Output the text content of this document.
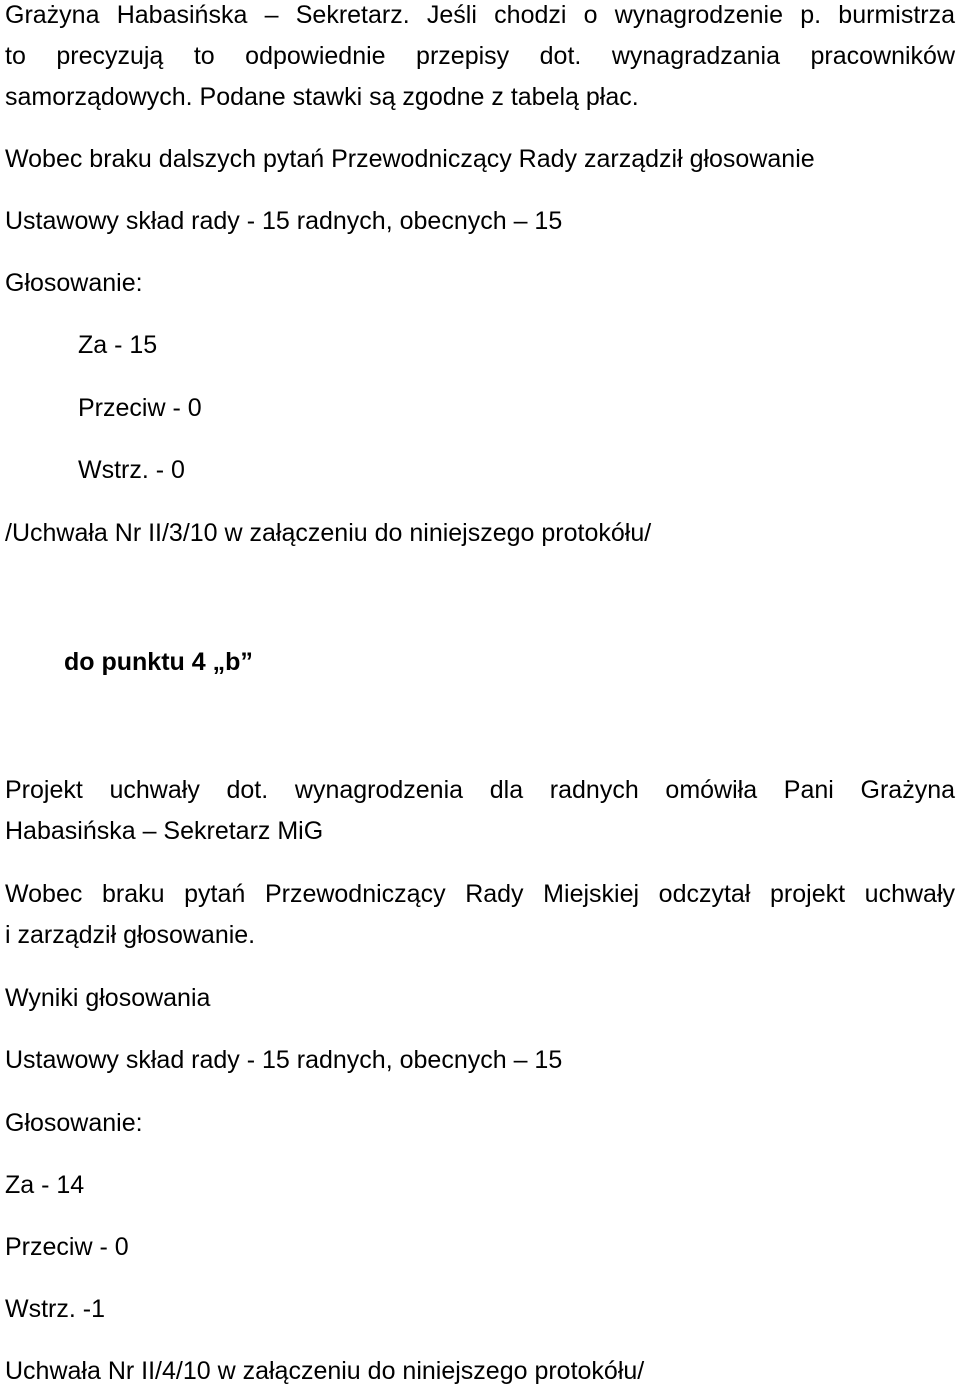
Grażyna Habasińska – Sekretarz. Jeśli chodzi o wynagrodzenie p. burmistrza

to precyzują to odpowiednie przepisy dot. wynagradzania pracowników

samorządowych. Podane stawki są zgodne z tabelą płac.

Wobec braku dalszych pytań Przewodniczący Rady zarządził głosowanie

Ustawowy skład rady - 15 radnych, obecnych – 15

Głosowanie:

Za - 15

Przeciw - 0

Wstrz. - 0

/Uchwała Nr II/3/10 w załączeniu do niniejszego protokółu/

do punktu 4 „b”

Projekt uchwały dot. wynagrodzenia dla radnych omówiła Pani Grażyna

Habasińska – Sekretarz MiG

Wobec braku pytań Przewodniczący Rady Miejskiej odczytał projekt uchwały

i zarządził głosowanie.

Wyniki głosowania

Ustawowy skład rady - 15 radnych, obecnych – 15

Głosowanie:

Za - 14

Przeciw - 0

Wstrz. -1

Uchwała Nr II/4/10 w załączeniu do niniejszego protokółu/
